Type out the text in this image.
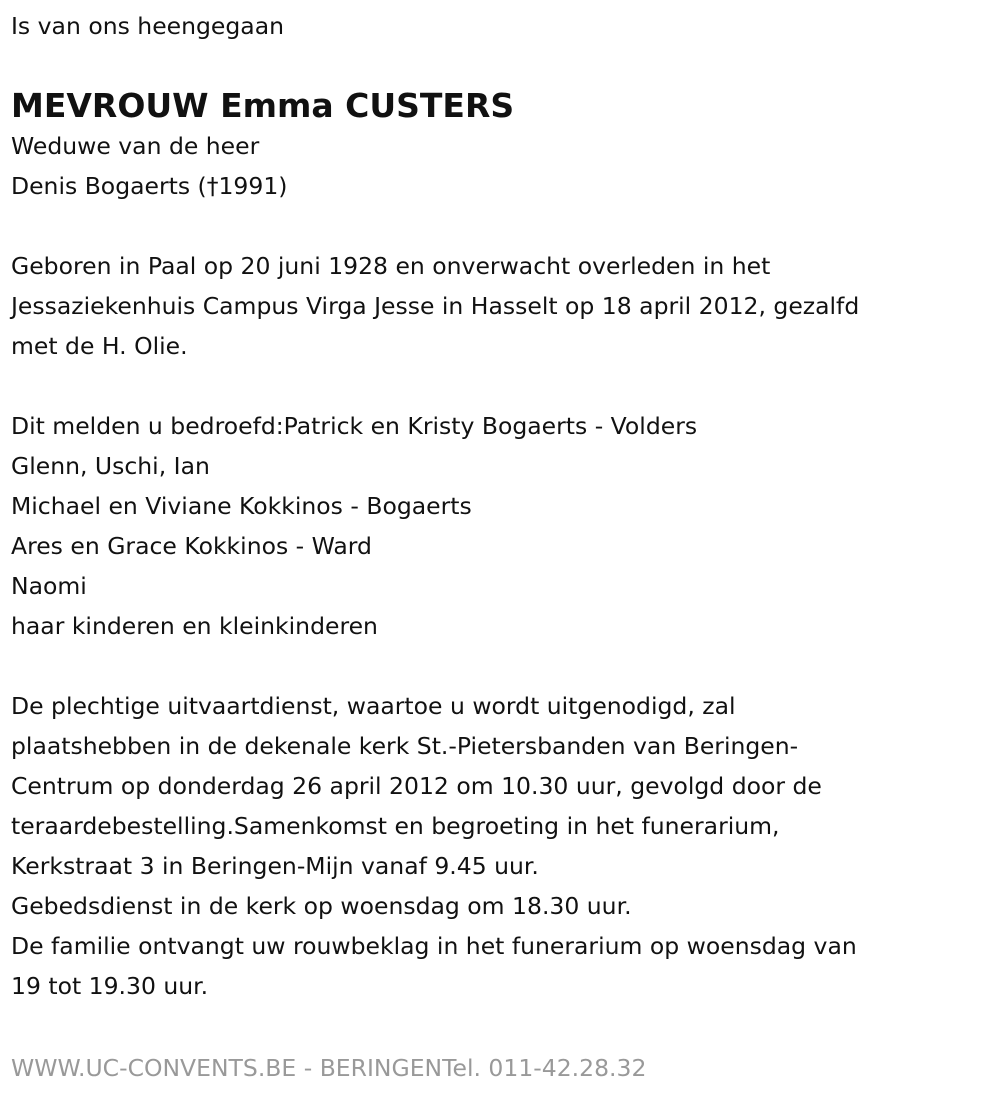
Is van ons heengegaan
MEVROUW Emma CUSTERS
Weduwe van de heer
Denis Bogaerts (†1991)
Geboren in Paal op 20 juni 1928 en onverwacht overleden in het
Jessaziekenhuis Campus Virga Jesse in Hasselt op 18 april 2012, gezalfd
met de H. Olie.
Dit melden u bedroefd:Patrick en Kristy Bogaerts - Volders
Glenn, Uschi, Ian
Michael en Viviane Kokkinos - Bogaerts
Ares en Grace Kokkinos - Ward
Naomi
haar kinderen en kleinkinderen
De plechtige uitvaartdienst, waartoe u wordt uitgenodigd, zal
plaatshebben in de dekenale kerk St.-Pietersbanden van Beringen-
Centrum op donderdag 26 april 2012 om 10.30 uur, gevolgd door de
teraardebestelling.Samenkomst en begroeting in het funerarium,
Kerkstraat 3 in Beringen-Mijn vanaf 9.45 uur.
Gebedsdienst in de kerk op woensdag om 18.30 uur.
De familie ontvangt uw rouwbeklag in het funerarium op woensdag van
19 tot 19.30 uur.
WWW.UC-CONVENTS.BE - BERINGENTel. 011-42.28.32
